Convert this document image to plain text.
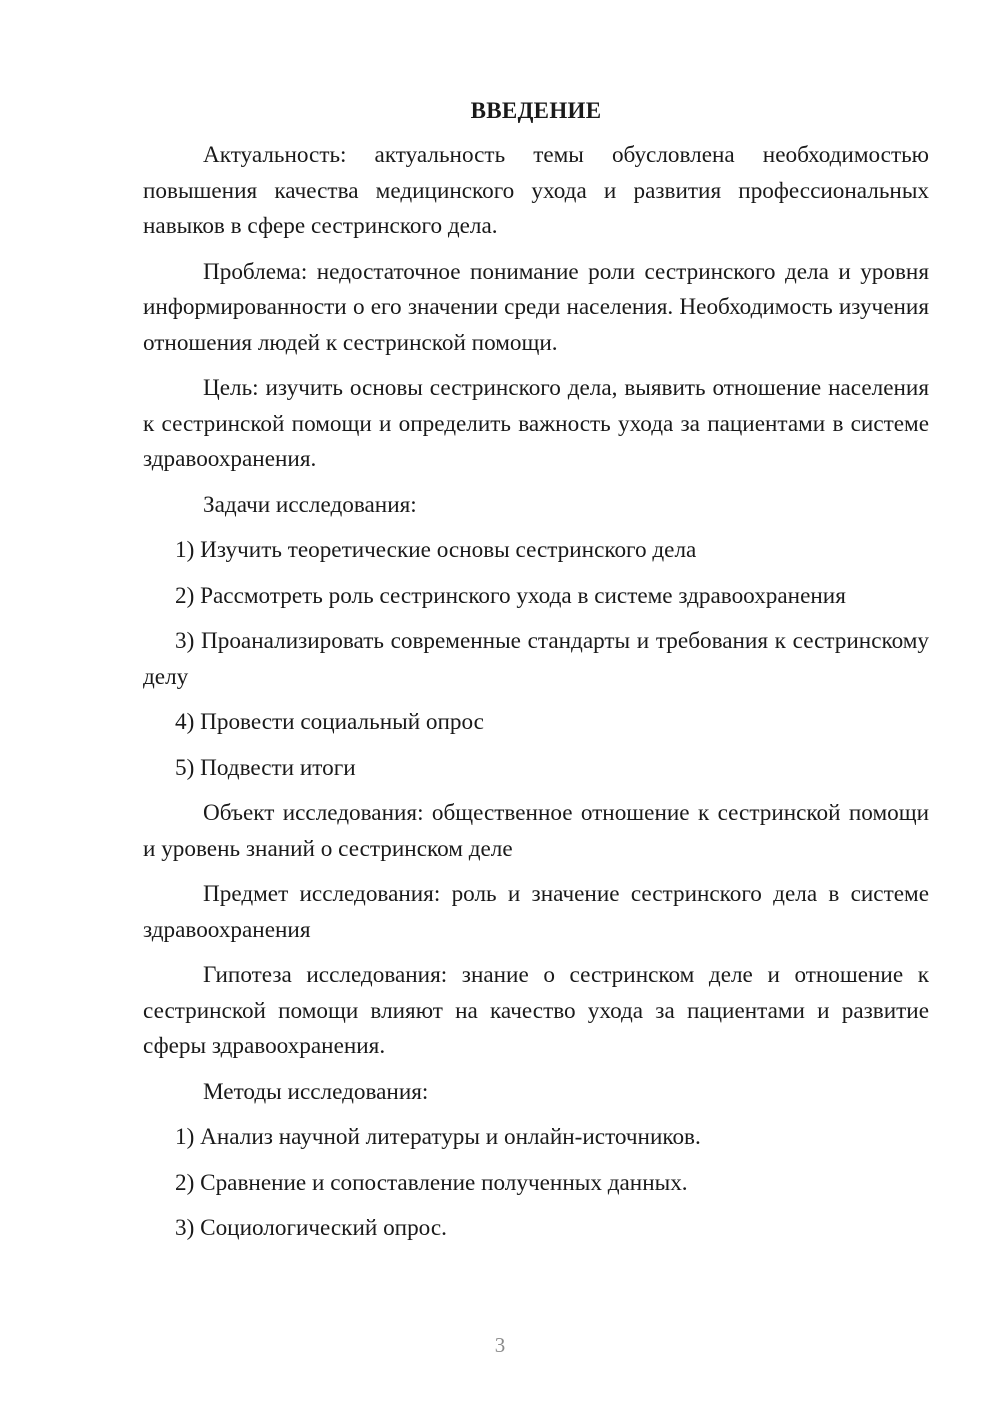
ВВЕДЕНИЕ

Актуальность: актуальность темы обусловлена необходимостью повышения качества медицинского ухода и развития профессиональных навыков в сфере сестринского дела.

Проблема: недостаточное понимание роли сестринского дела и уровня информированности о его значении среди населения. Необходимость изучения отношения людей к сестринской помощи.

Цель: изучить основы сестринского дела, выявить отношение населения к сестринской помощи и определить важность ухода за пациентами в системе здравоохранения.

Задачи исследования:

1) Изучить теоретические основы сестринского дела

2) Рассмотреть роль сестринского ухода в системе здравоохранения

3) Проанализировать современные стандарты и требования к сестринскому делу

4) Провести социальный опрос

5) Подвести итоги

Объект исследования: общественное отношение к сестринской помощи и уровень знаний о сестринском деле

Предмет исследования: роль и значение сестринского дела в системе здравоохранения

Гипотеза исследования: знание о сестринском деле и отношение к сестринской помощи влияют на качество ухода за пациентами и развитие сферы здравоохранения.

Методы исследования:

1) Анализ научной литературы и онлайн-источников.

2) Сравнение и сопоставление полученных данных.

3) Социологический опрос.

3
